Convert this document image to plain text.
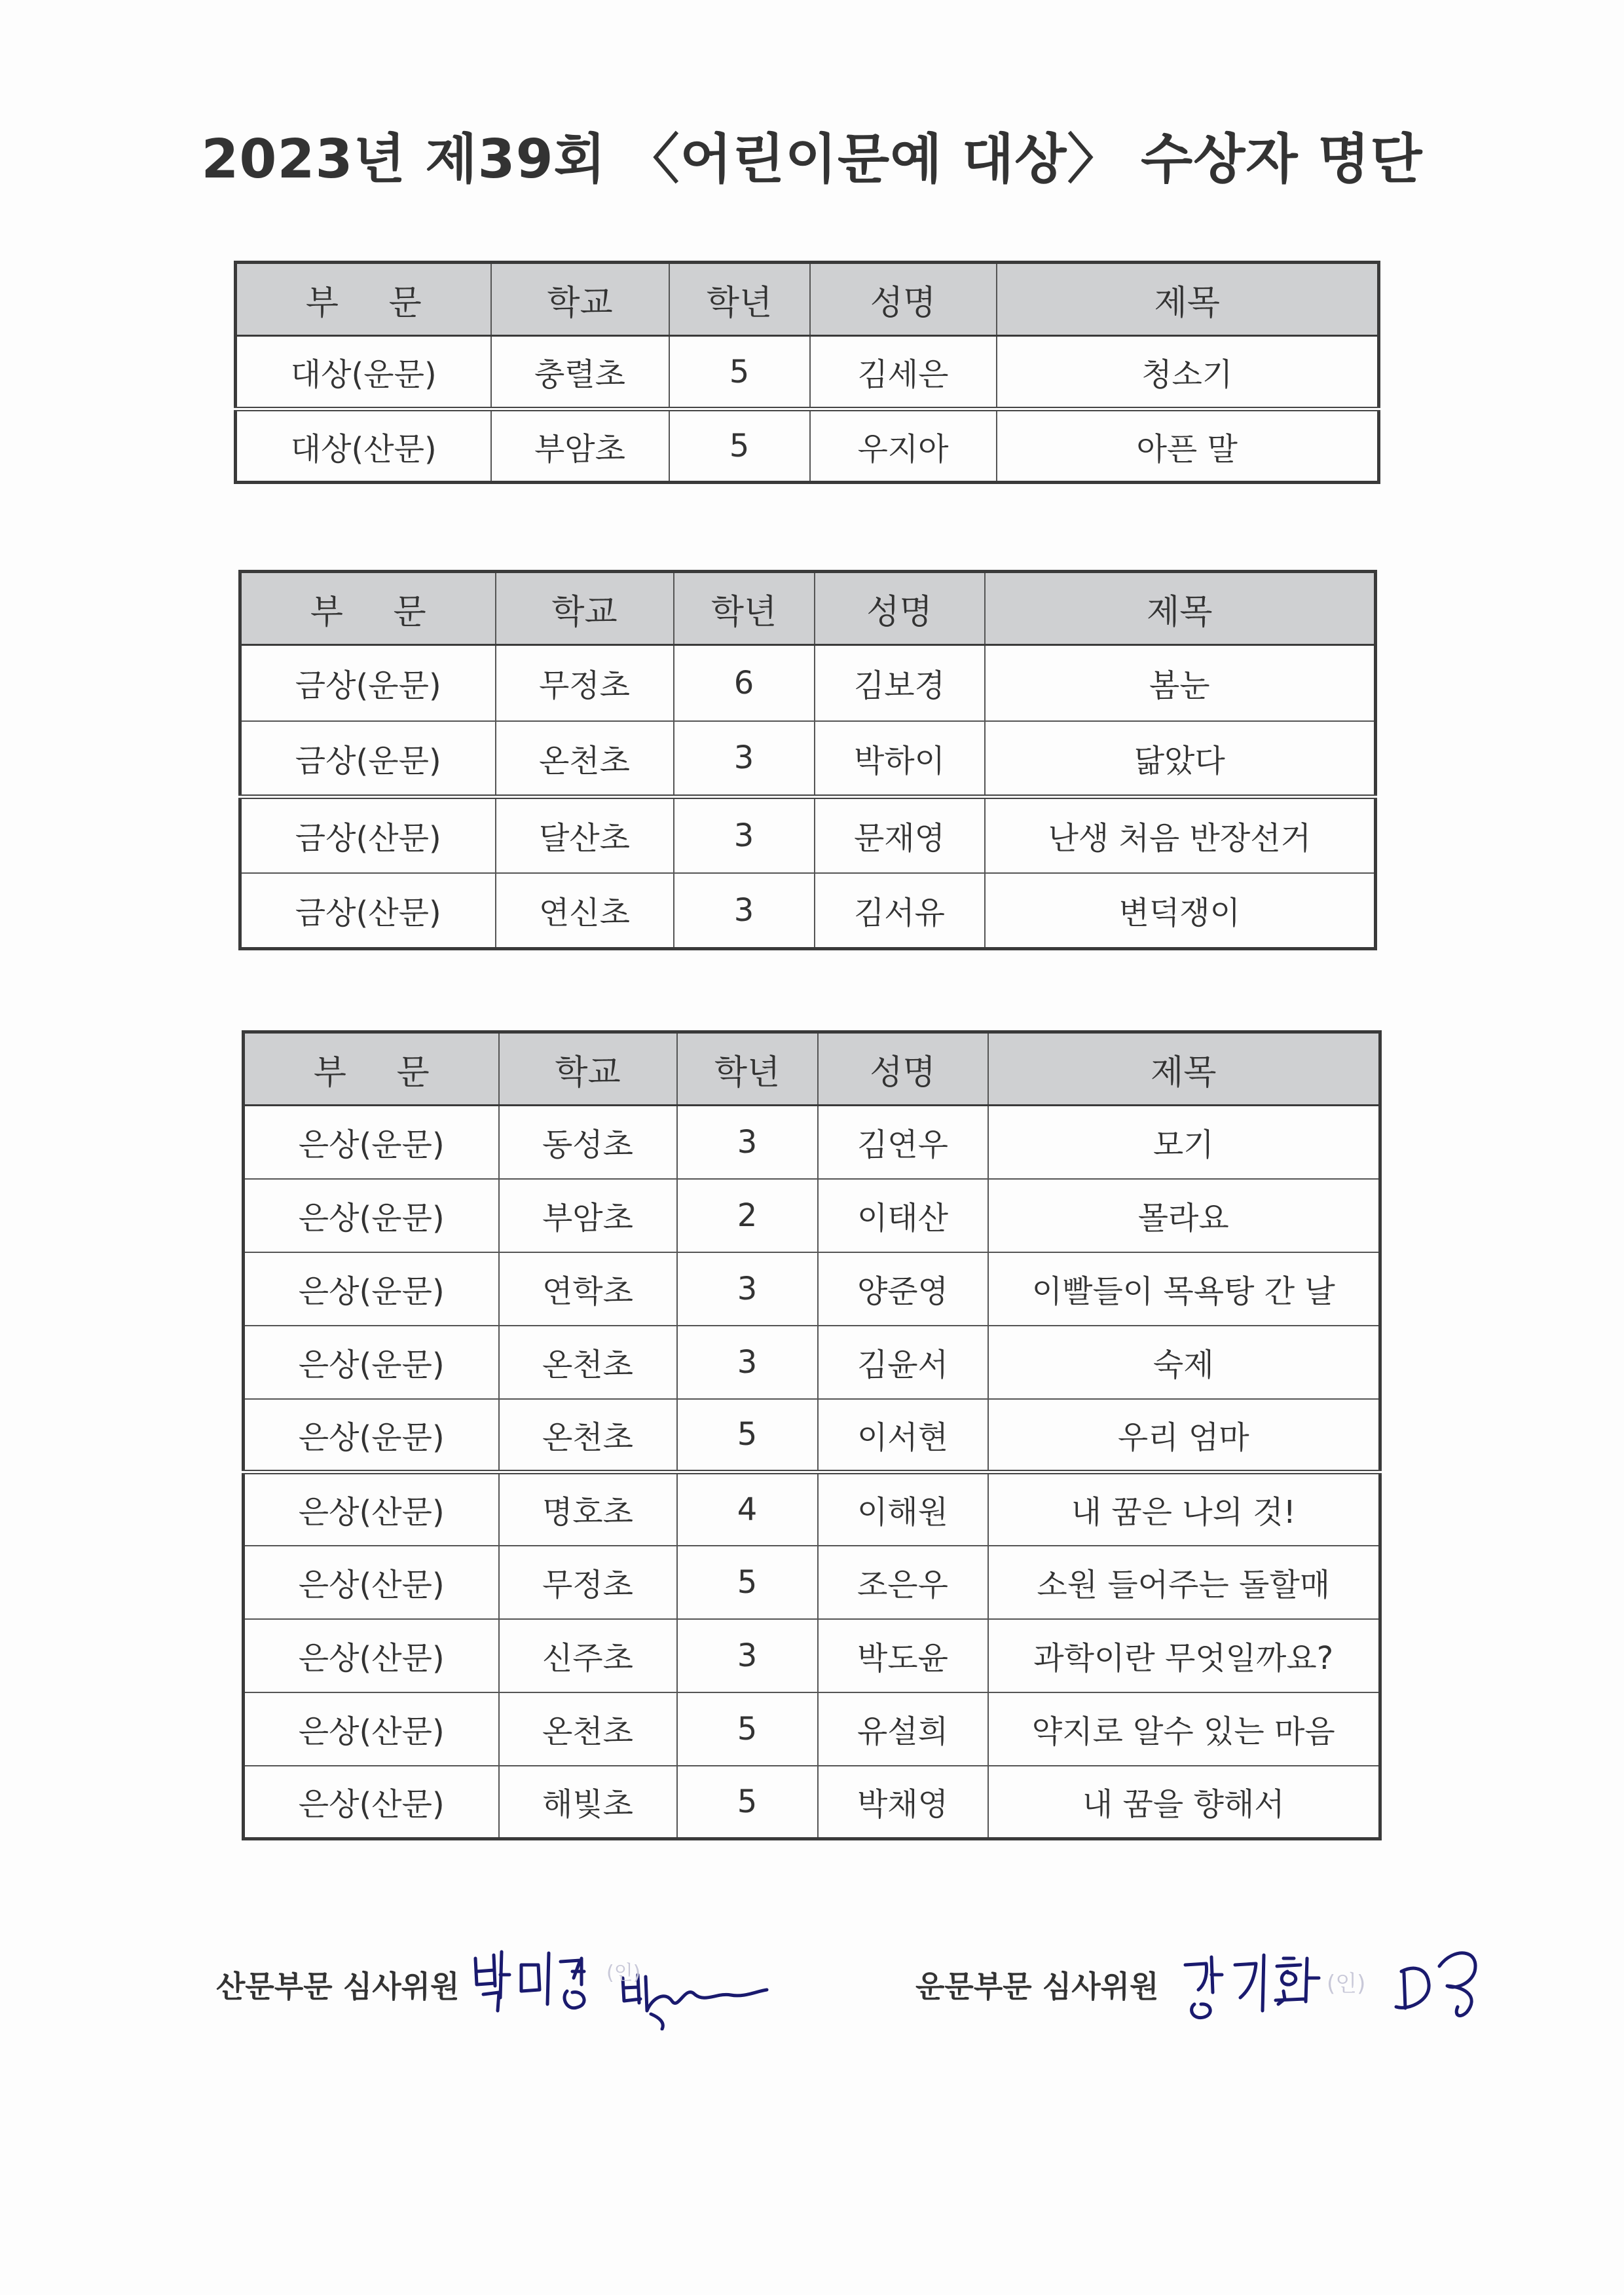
2023년 제39회 〈어린이문예 대상〉 수상자 명단
부 문	학교	학년	성명	제목
대상(운문)	충렬초	5	김세은	청소기
대상(산문)	부암초	5	우지아	아픈 말
부 문	학교	학년	성명	제목
금상(운문)	무정초	6	김보경	봄눈
금상(운문)	온천초	3	박하이	닮았다
금상(산문)	달산초	3	문재영	난생 처음 반장선거
금상(산문)	연신초	3	김서유	변덕쟁이
부 문	학교	학년	성명	제목
은상(운문)	동성초	3	김연우	모기
은상(운문)	부암초	2	이태산	몰라요
은상(운문)	연학초	3	양준영	이빨들이 목욕탕 간 날
은상(운문)	온천초	3	김윤서	숙제
은상(운문)	온천초	5	이서현	우리 엄마
은상(산문)	명호초	4	이해원	내 꿈은 나의 것!
은상(산문)	무정초	5	조은우	소원 들어주는 돌할매
은상(산문)	신주초	3	박도윤	과학이란 무엇일까요?
은상(산문)	온천초	5	유설희	약지로 알수 있는 마음
은상(산문)	해빛초	5	박채영	내 꿈을 향해서
산문부문 심사위원	(인)	운문부문 심사위원	(인)
